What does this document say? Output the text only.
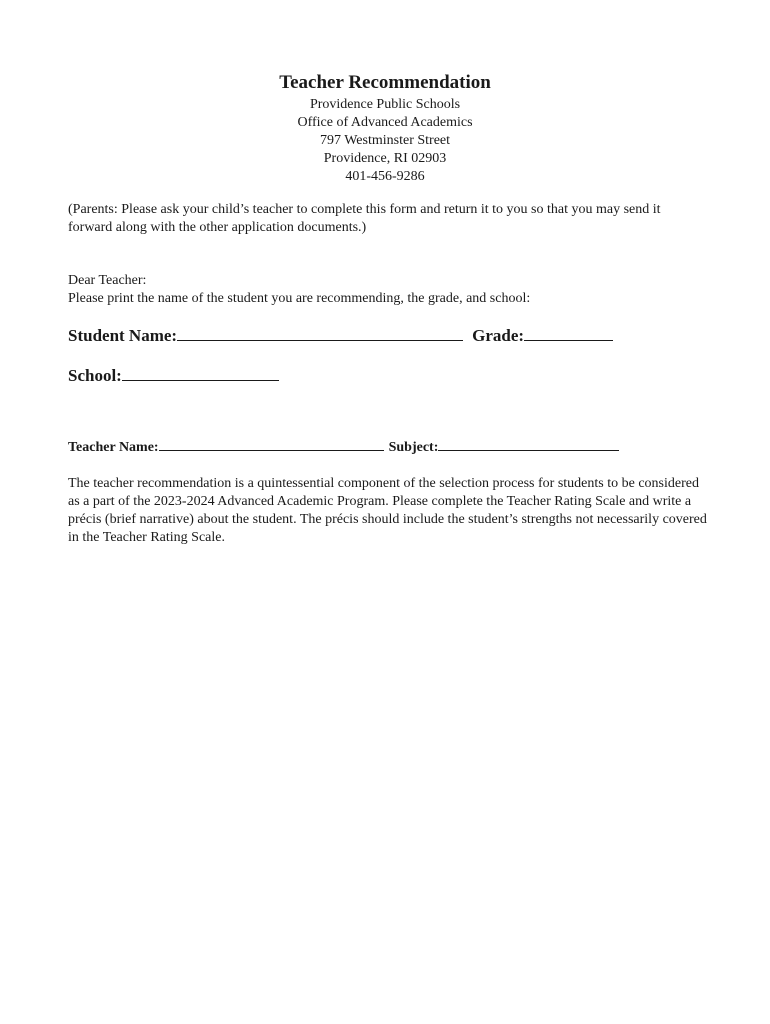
Teacher Recommendation

Providence Public Schools

Office of Advanced Academics

797 Westminster Street

Providence, RI 02903

401-456-9286

(Parents: Please ask your child’s teacher to complete this form and return it to you so that you may send it forward along with the other application documents.)

Dear Teacher:

Please print the name of the student you are recommending, the grade, and school:

Student Name:	Grade:
School:
Teacher Name:	Subject:

The teacher recommendation is a quintessential component of the selection process for students to be considered as a part of the 2023-2024 Advanced Academic Program. Please complete the Teacher Rating Scale and write a précis (brief narrative) about the student. The précis should include the student’s strengths not necessarily covered in the Teacher Rating Scale.
